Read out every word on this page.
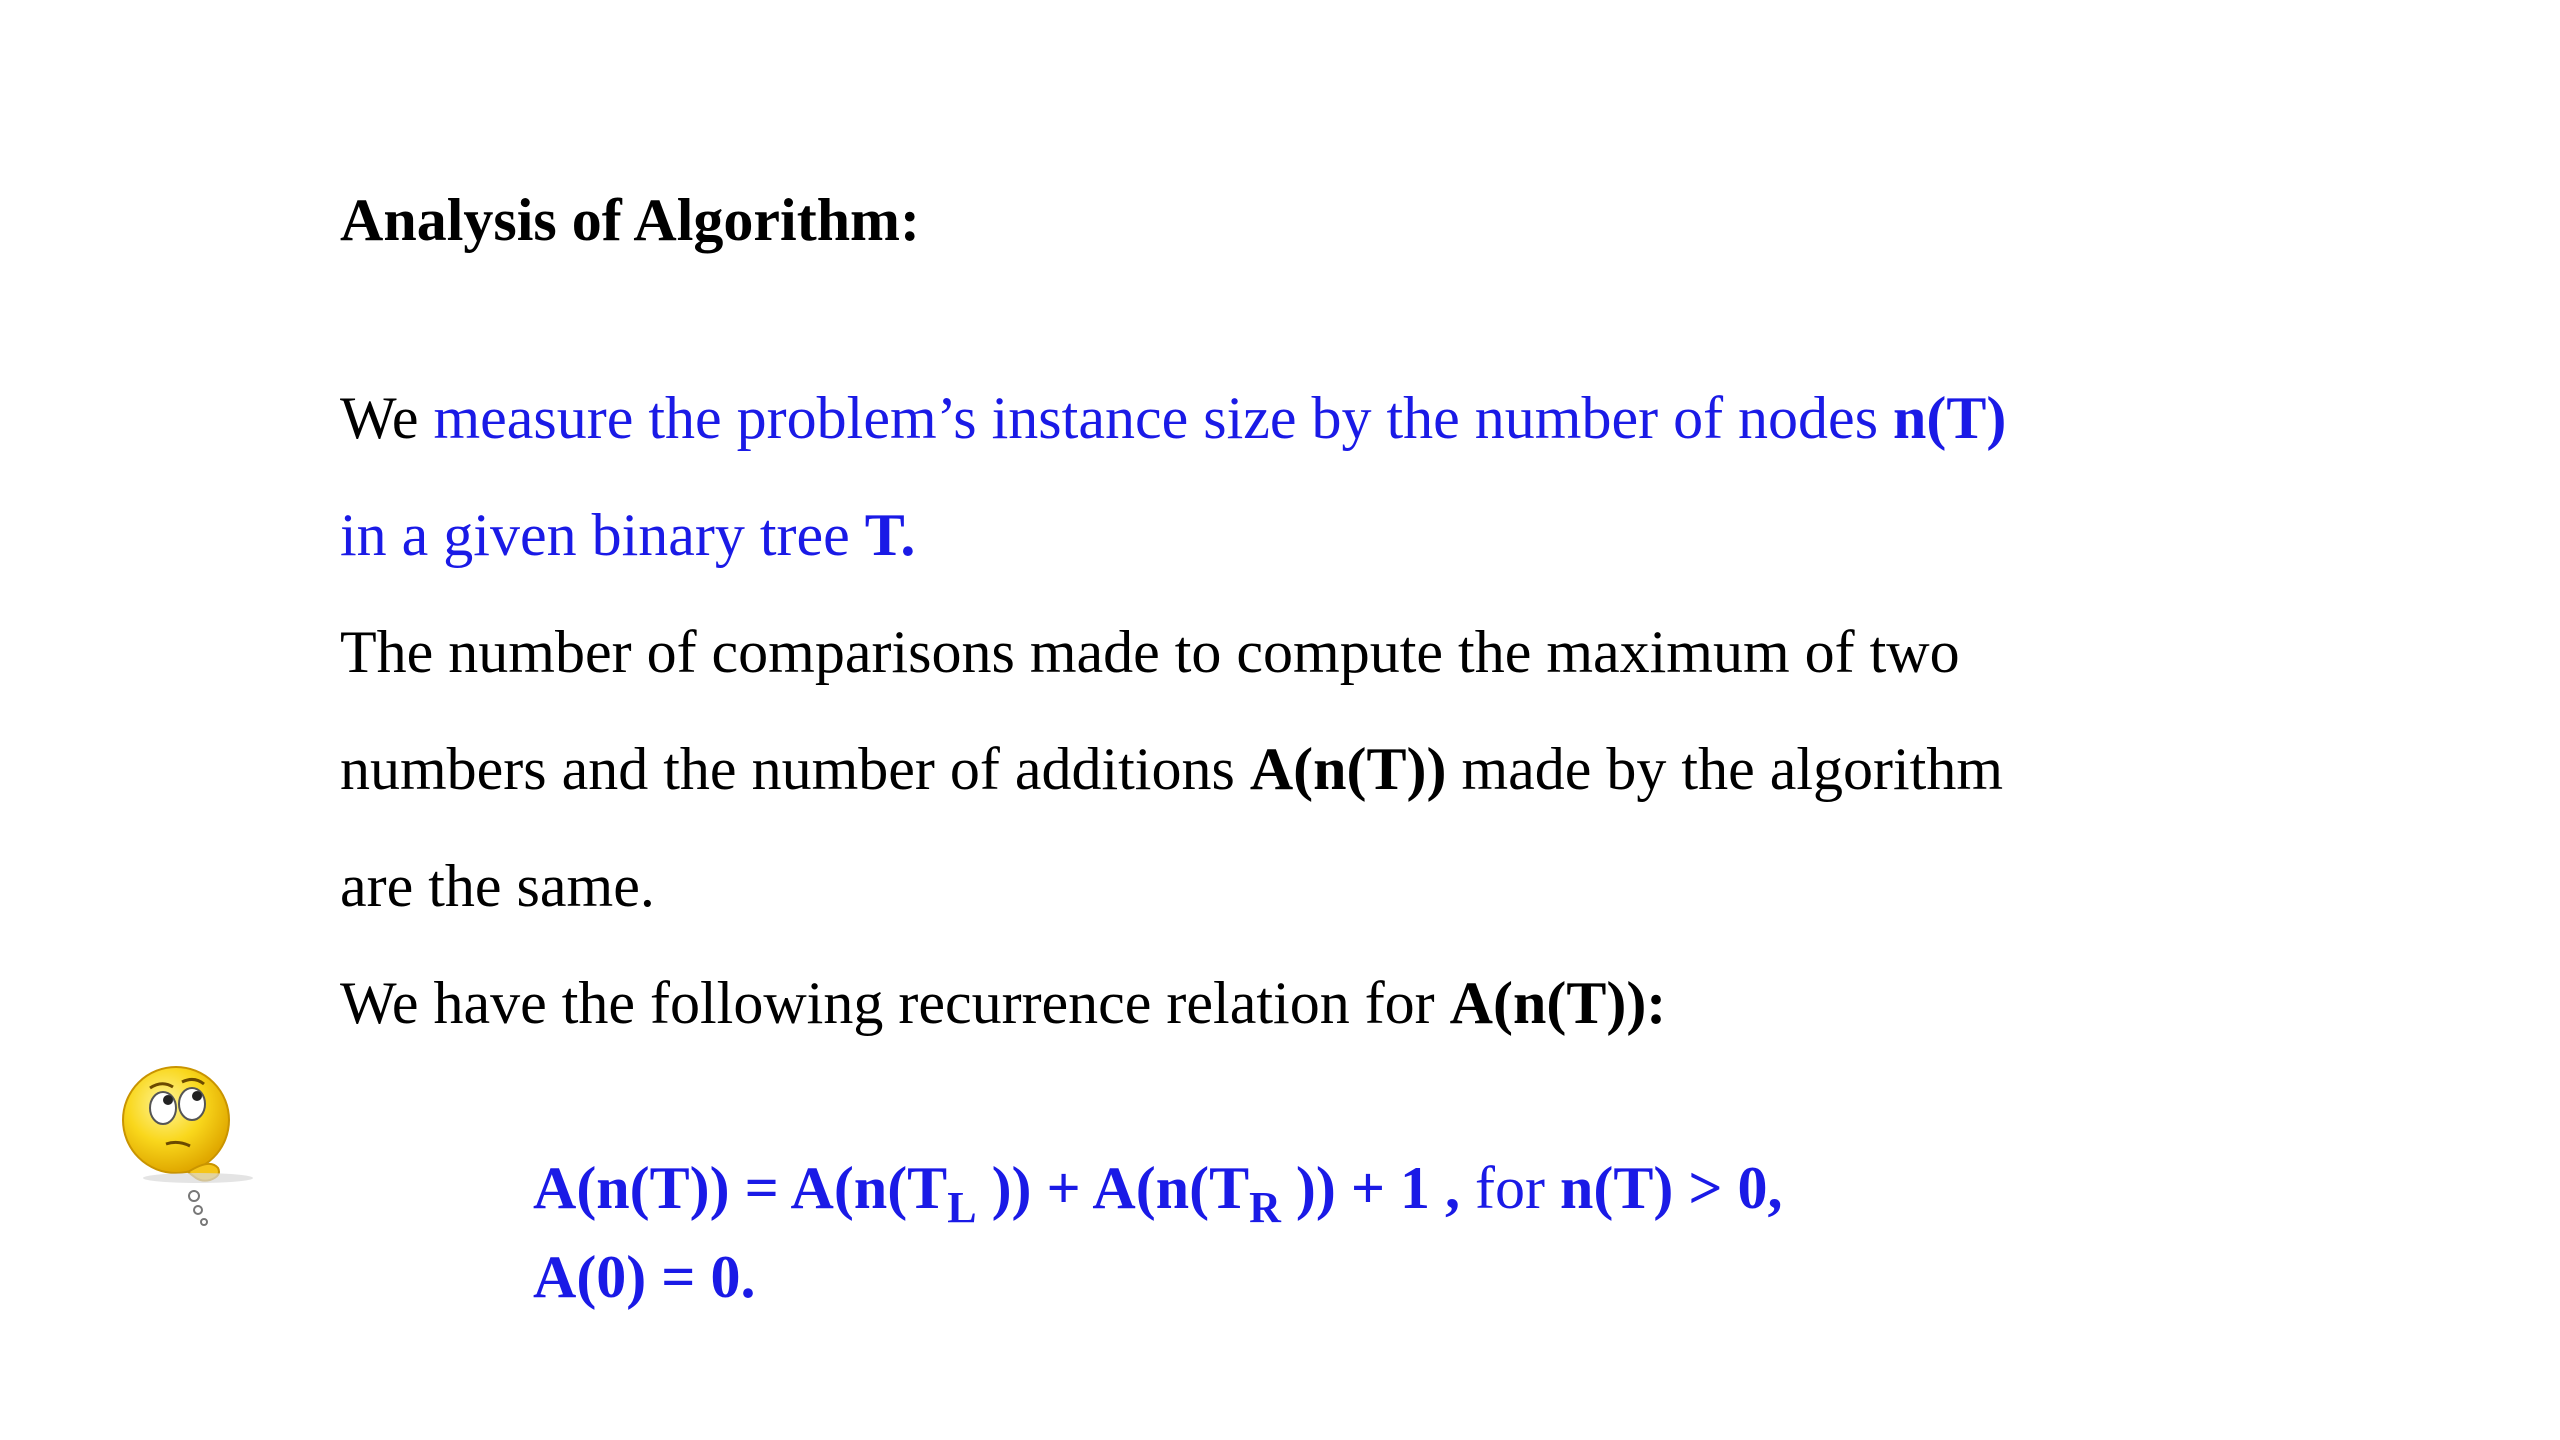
Analysis of Algorithm:
We measure the problem’s instance size by the number of nodes n(T)
in a given binary tree T.
The number of comparisons made to compute the maximum of two
numbers and the number of additions A(n(T)) made by the algorithm
are the same.
We have the following recurrence relation for A(n(T)):
$A(n(T)) = A(n(T_L$ )) + $A(n(T_R$ )) + 1 , for n(T) > 0,
A(0) = 0.
